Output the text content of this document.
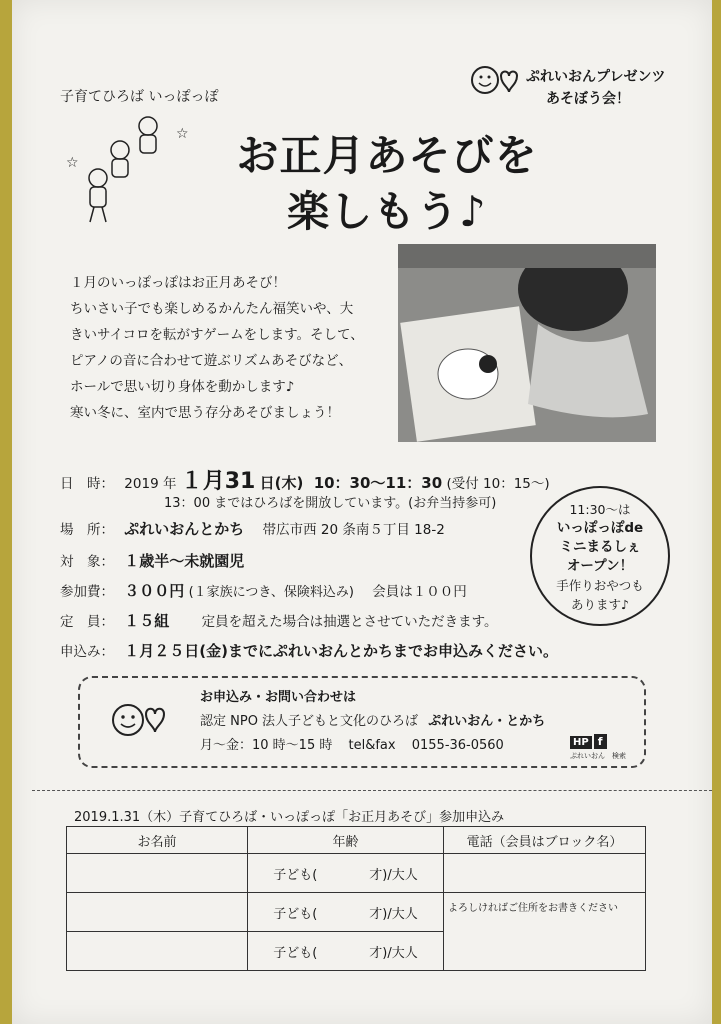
子育てひろば いっぽっぽ
ぷれいおんプレゼンツ
あそぼう会！
☆
☆	お正月あそびを
楽しもう♪

１月のいっぽっぽはお正月あそび！

ちいさい子でも楽しめるかんたん福笑いや、大

きいサイコロを転がすゲームをします。そして、

ピアノの音に合わせて遊ぶリズムあそびなど、

ホールで思い切り身体を動かします♪

寒い冬に、室内で思う存分あそびましょう！

日　時： 2019 年 １月31 日(木) 10：30～11：30 (受付 10：15～)
13：00 まではひろばを開放しています。(お弁当持参可)
場　所： ぷれいおんとかち 帯広市西 20 条南５丁目 18-2
対　象： １歳半～未就園児
参加費： ３００円 (１家族につき、保険料込み) 会員は１００円
定　員： １５組 定員を超えた場合は抽選とさせていただきます。
申込み： １月２５日(金)までにぷれいおんとかちまでお申込みください。
11:30～は
いっぽっぽde
ミニまるしぇ
オープン！
手作りおやつも
あります♪
お申込み・お問い合わせは
認定 NPO 法人子どもと文化のひろば ぷれいおん・とかち
月～金：10 時～15 時 tel&fax 0155-36-0560	HP f
ぷれいおん　検索
2019.1.31（木）子育てひろば・いっぽっぽ「お正月あそび」参加申込み
お名前	年齢	電話（会員はブロック名）
	子ども(　　　　才)/大人	
	子ども(　　　　才)/大人	よろしければご住所をお書きください
	子ども(　　　　才)/大人	
